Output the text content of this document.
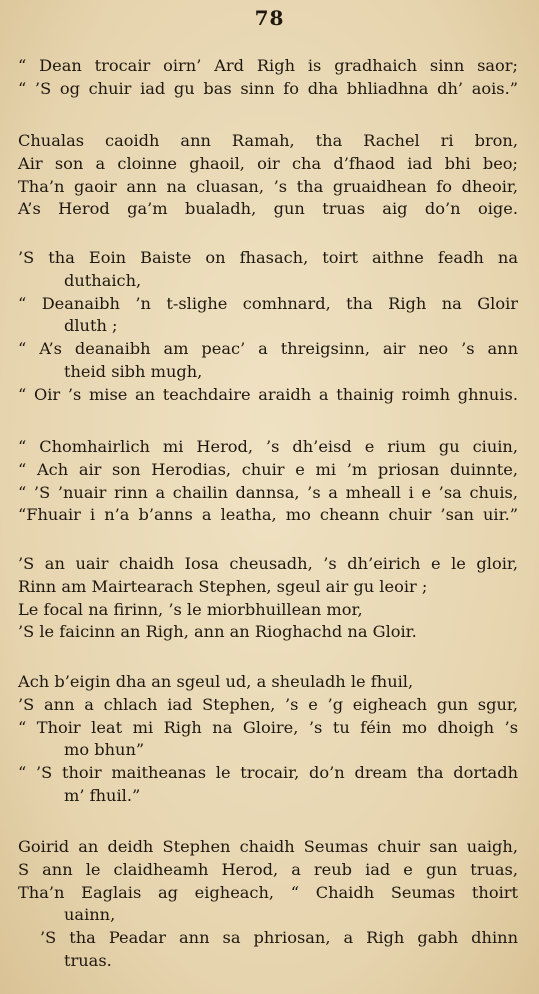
78
“ Dean trocair oirn’ Ard Righ is gradhaich sinn saor;
“ ’S og chuir iad gu bas sinn fo dha bhliadhna dh’ aois.”
Chualas caoidh ann Ramah, tha Rachel ri bron,
Air son a cloinne ghaoil, oir cha d’fhaod iad bhi beo;
Tha’n gaoir ann na cluasan, ’s tha gruaidhean fo dheoir,
A’s Herod ga’m bualadh, gun truas aig do’n oige.
’S tha Eoin Baiste on fhasach, toirt aithne feadh na
duthaich,
“ Deanaibh ’n t-slighe comhnard, tha Righ na Gloir
dluth ;
“ A’s deanaibh am peac’ a threigsinn, air neo ’s ann
theid sibh mugh,
“ Oir ’s mise an teachdaire araidh a thainig roimh ghnuis.
“ Chomhairlich mi Herod, ’s dh’eisd e rium gu ciuin,
“ Ach air son Herodias, chuir e mi ’m priosan duinnte,
“ ’S ’nuair rinn a chailin dannsa, ’s a mheall i e ’sa chuis,
“Fhuair i n’a b’anns a leatha, mo cheann chuir ’san uir.”
’S an uair chaidh Iosa cheusadh, ’s dh’eirich e le gloir,
Rinn am Mairtearach Stephen, sgeul air gu leoir ;
Le focal na firinn, ’s le miorbhuillean mor,
’S le faicinn an Righ, ann an Rioghachd na Gloir.
Ach b’eigin dha an sgeul ud, a sheuladh le fhuil,
’S ann a chlach iad Stephen, ’s e ’g eigheach gun sgur,
“ Thoir leat mi Righ na Gloire, ’s tu féin mo dhoigh ’s
mo bhun”
“ ’S thoir maitheanas le trocair, do’n dream tha dortadh
m’ fhuil.”
Goirid an deidh Stephen chaidh Seumas chuir san uaigh,
S ann le claidheamh Herod, a reub iad e gun truas,
Tha’n Eaglais ag eigheach, “ Chaidh Seumas thoirt
uainn,
’S tha Peadar ann sa phriosan, a Righ gabh dhinn
truas.
